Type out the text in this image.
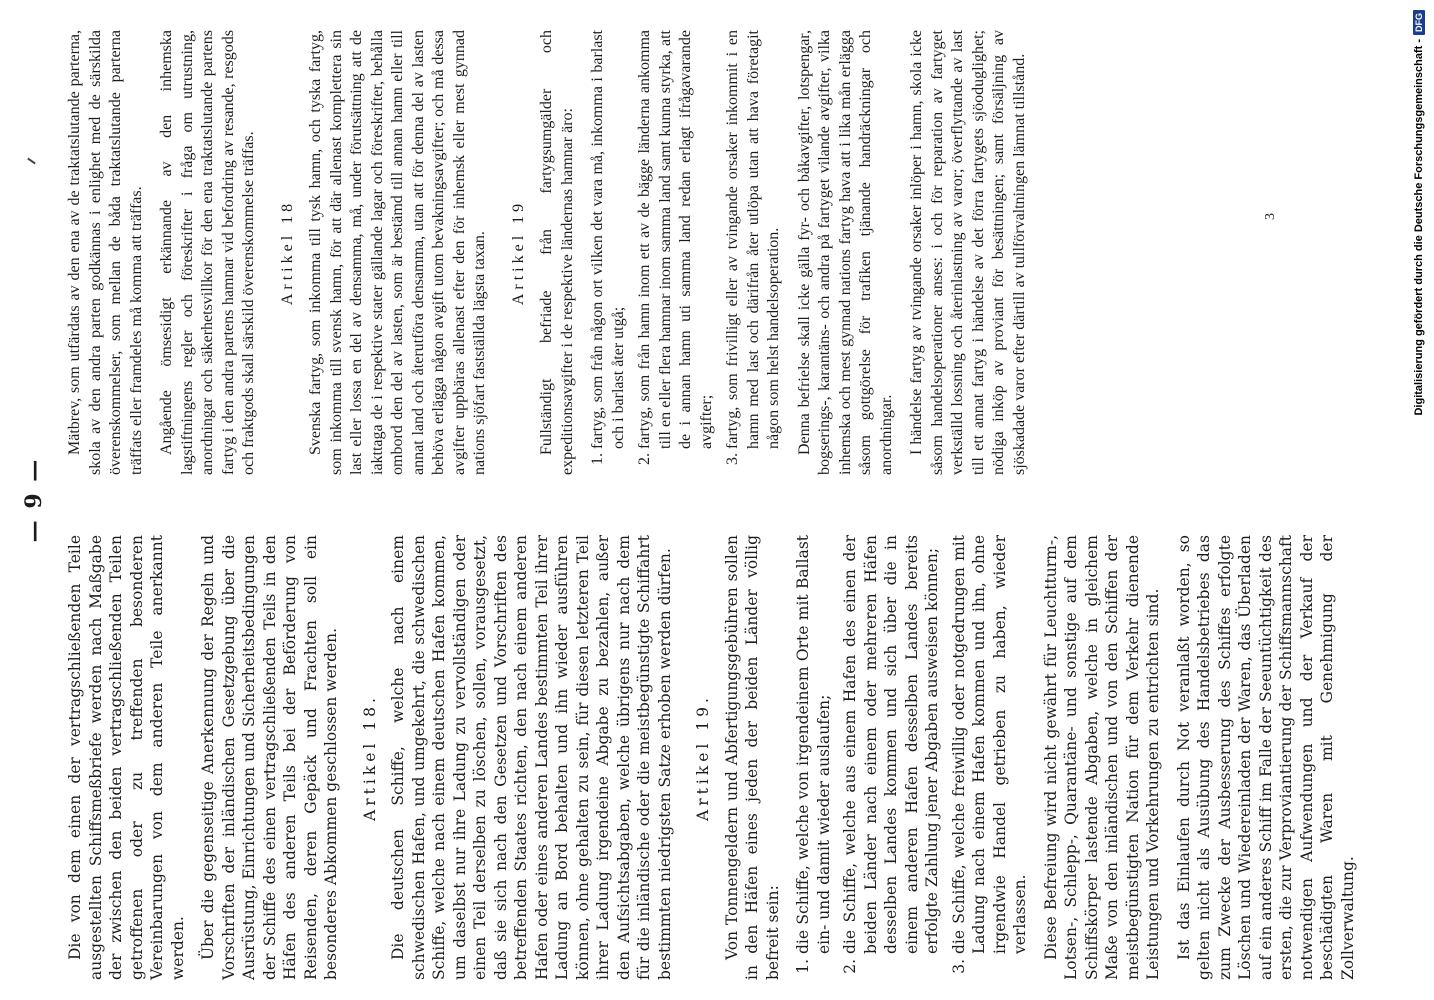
— 9 —

Die von dem einen der vertragschließenden Teile ausgestellten Schiffsmeßbriefe werden nach Maßgabe der zwischen den beiden vertragschließenden Teilen getroffenen oder zu treffenden besonderen Vereinbarungen von dem anderen Teile anerkannt werden. Über die gegenseitige Anerkennung der Regeln und Vorschriften der inländischen Gesetzgebung über die Ausrüstung, Einrichtungen und Sicherheitsbedingungen der Schiffe des einen vertragschließenden Teils in den Häfen des anderen Teils bei der Beförderung von Reisenden, deren Gepäck und Frachten soll ein besonderes Abkommen geschlossen werden. Artikel 18. Die deutschen Schiffe, welche nach einem schwedischen Hafen, und umgekehrt, die schwedischen Schiffe, welche nach einem deutschen Hafen kommen, um daselbst nur ihre Ladung zu vervollständigen oder einen Teil derselben zu löschen, sollen, vorausgesetzt, daß sie sich nach den Gesetzen und Vorschriften des betreffenden Staates richten, den nach einem anderen Hafen oder eines anderen Landes bestimmten Teil ihrer Ladung an Bord behalten und ihn wieder ausführen können, ohne gehalten zu sein, für diesen letzteren Teil ihrer Ladung irgendeine Abgabe zu bezahlen, außer den Aufsichtsabgaben, welche übrigens nur nach dem für die inländische oder die meistbegünstigte Schiffahrt bestimmten niedrigsten Satze erhoben werden dürfen. Artikel 19. Von Tonnengeldern und Abfertigungsgebühren sollen in den Häfen eines jeden der beiden Länder völlig befreit sein: 1. die Schiffe, welche von irgendeinem Orte mit Ballast ein- und damit wieder auslaufen; 2. die Schiffe, welche aus einem Hafen des einen der beiden Länder nach einem oder mehreren Häfen desselben Landes kommen und sich über die in einem anderen Hafen desselben Landes bereits erfolgte Zahlung jener Abgaben ausweisen können; 3. die Schiffe, welche freiwillig oder notgedrungen mit Ladung nach einem Hafen kommen und ihn, ohne irgendwie Handel getrieben zu haben, wieder verlassen. Diese Befreiung wird nicht gewährt für Leuchtturm-, Lotsen-, Schlepp-, Quarantäne- und sonstige auf dem Schiffskörper lastende Abgaben, welche in gleichem Maße von den inländischen und von den Schiffen der meistbegünstigten Nation für dem Verkehr dienende Leistungen und Vorkehrungen zu entrichten sind. Ist das Einlaufen durch Not veranlaßt worden, so gelten nicht als Ausübung des Handelsbetriebes das zum Zwecke der Ausbesserung des Schiffes erfolgte Löschen und Wiedereinladen der Waren, das Überladen auf ein anderes Schiff im Falle der Seeuntüchtigkeit des ersten, die zur Verproviantierung der Schiffsmannschaft notwendigen Aufwendungen und der Verkauf der beschädigten Waren mit Genehmigung der Zollverwaltung.

Mätbrev, som utfärdats av den ena av de traktatslutande parterna, skola av den andra parten godkännas i enlighet med de särskilda överenskommelser, som mellan de båda traktatslutande parterna träffats eller framdeles må komma att träffas. Angående ömsesidigt erkännande av den inhemska lagstiftningens regler och föreskrifter i fråga om utrustning, anordningar och säkerhetsvillkor för den ena traktatslutande partens fartyg i den andra partens hamnar vid befordring av resande, resgods och fraktgods skall särskild överenskommelse träffas. Artikel 18 Svenska fartyg, som inkomma till tysk hamn, och tyska fartyg, som inkomma till svensk hamn, för att där allenast komplettera sin last eller lossa en del av densamma, må, under förutsättning att de iakttaga de i respektive stater gällande lagar och föreskrifter, behålla ombord den del av lasten, som är bestämd till annan hamn eller till annat land och återutföra densamma, utan att för denna del av lasten behöva erlägga någon avgift utom bevakningsavgifter; och må dessa avgifter uppbäras allenast efter den för inhemsk eller mest gynnad nations sjöfart fastställda lägsta taxan. Artikel 19 Fullständigt befriade från fartygsumgälder och expeditionsavgifter i de respektive ländernas hamnar äro: 1. fartyg, som från någon ort vilken det vara må, inkomma i barlast och i barlast åter utgå; 2. fartyg, som från hamn inom ett av de bägge länderna ankomma till en eller flera hamnar inom samma land samt kunna styrka, att de i annan hamn uti samma land redan erlagt ifrågavarande avgifter; 3. fartyg, som frivilligt eller av tvingande orsaker inkommit i en hamn med last och därifrån åter utlöpa utan att hava företagit någon som helst handelsoperation. Denna befrielse skall icke gälla fyr- och båkavgifter, lotspengar, bogserings-, karantäns- och andra på fartyget vilande avgifter, vilka inhemska och mest gynnad nations fartyg hava att i lika mån erlägga såsom gottgörelse för trafiken tjänande handräckningar och anordningar. I händelse fartyg av tvingande orsaker inlöper i hamn, skola icke såsom handelsoperationer anses: i och för reparation av fartyget verkställd lossning och återinlastning av varor; överflyttande av last till ett annat fartyg i händelse av det förra fartygets sjöoduglighet; nödiga inköp av proviant för besättningen; samt försäljning av sjöskadade varor efter därtill av tullförvaltningen lämnat tillstånd.	3	Digitalisierung gefördert durch die Deutsche Forschungsgemeinschaft -
DFG
